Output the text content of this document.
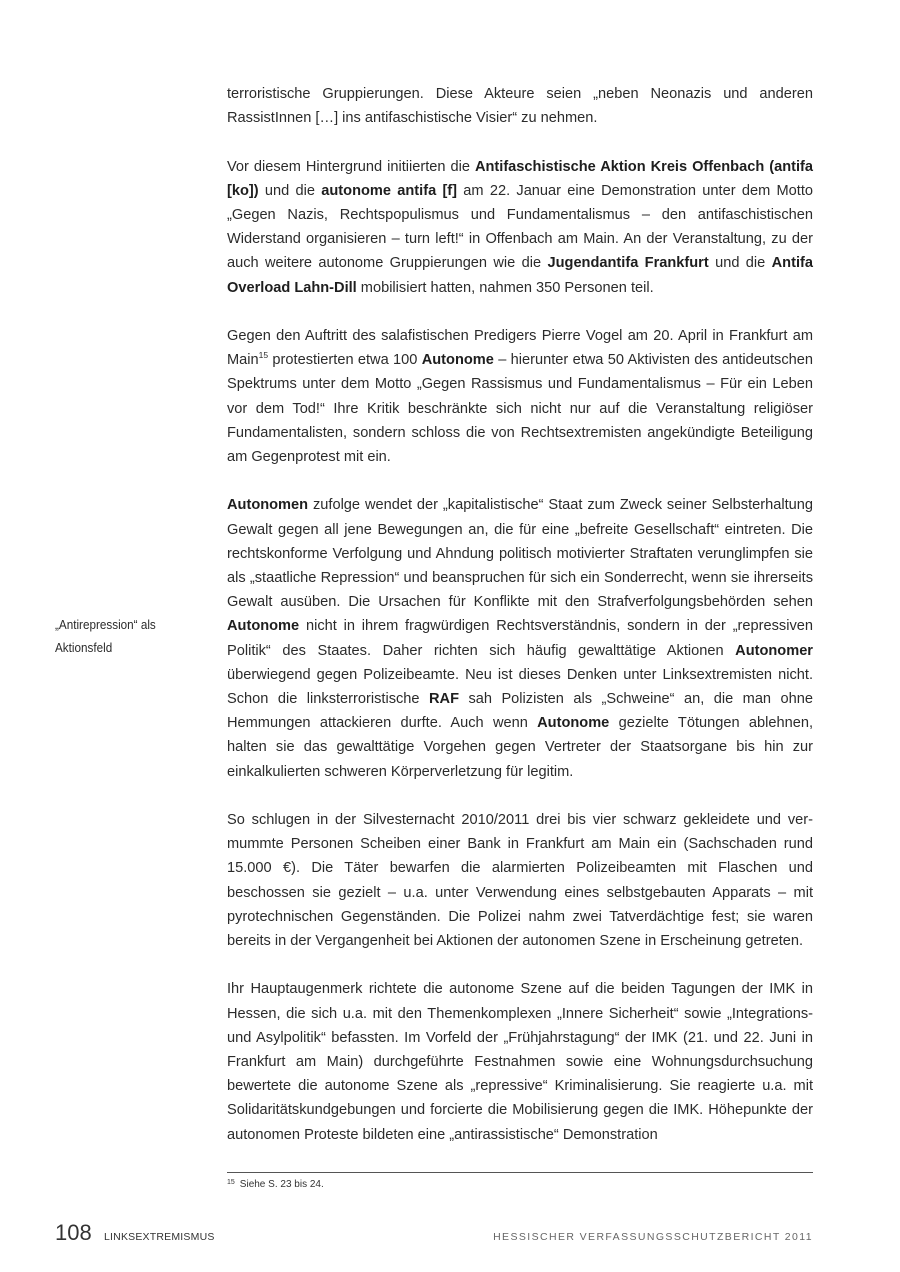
terroristische Gruppierungen. Diese Akteure seien „neben Neonazis und anderen RassistInnen […] ins antifaschistische Visier“ zu nehmen.

Vor diesem Hintergrund initiierten die Antifaschistische Aktion Kreis Offenbach (antifa [ko]) und die autonome antifa [f] am 22. Januar eine Demonstration unter dem Motto „Gegen Nazis, Rechtspopulismus und Fundamentalismus – den antifaschistischen Widerstand organisieren – turn left!“ in Offenbach am Main. An der Veranstaltung, zu der auch weitere autonome Gruppierungen wie die Jugendantifa Frankfurt und die Antifa Overload Lahn-Dill mobilisiert hatten, nahmen 350 Personen teil.

Gegen den Auftritt des salafistischen Predigers Pierre Vogel am 20. April in Frankfurt am Main$^{15}$ protestierten etwa 100 Autonome – hierunter etwa 50 Aktivisten des antideutschen Spektrums unter dem Motto „Gegen Rassismus und Fundamentalismus – Für ein Leben vor dem Tod!“ Ihre Kritik beschränkte sich nicht nur auf die Veranstaltung religiöser Fundamentalisten, sondern schloss die von Rechtsextremisten angekündigte Beteiligung am Gegenprotest mit ein.

Autonomen zufolge wendet der „kapitalistische“ Staat zum Zweck seiner Selbsterhaltung Gewalt gegen all jene Bewegungen an, die für eine „befreite Gesellschaft“ eintreten. Die rechtskonforme Verfolgung und Ahndung politisch motivierter Straftaten verunglimpfen sie als „staatliche Repression“ und beanspruchen für sich ein Sonderrecht, wenn sie ihrerseits Gewalt ausüben. Die Ursachen für Konflikte mit den Strafverfolgungsbehörden sehen Autonome nicht in ihrem fragwürdigen Rechtsverständnis, sondern in der „repressiven Politik“ des Staates. Daher richten sich häufig gewalttätige Aktionen Autonomer überwiegend gegen Polizeibeamte. Neu ist dieses Denken unter Linksextremisten nicht. Schon die linksterroristische RAF sah Polizisten als „Schweine“ an, die man ohne Hemmungen attackieren durfte. Auch wenn Autonome gezielte Tötungen ablehnen, halten sie das gewalttätige Vorgehen gegen Vertreter der Staatsorgane bis hin zur einkalkulierten schweren Körperverletzung für legitim.

So schlugen in der Silvesternacht 2010/2011 drei bis vier schwarz gekleidete und vermummte Personen Scheiben einer Bank in Frankfurt am Main ein (Sachschaden rund 15.000 €). Die Täter bewarfen die alarmierten Polizeibeamten mit Flaschen und beschossen sie gezielt – u.a. unter Verwendung eines selbstgebauten Apparats – mit pyrotechnischen Gegenständen. Die Polizei nahm zwei Tatverdächtige fest; sie waren bereits in der Vergangenheit bei Aktionen der autonomen Szene in Erscheinung getreten.

Ihr Hauptaugenmerk richtete die autonome Szene auf die beiden Tagungen der IMK in Hessen, die sich u.a. mit den Themenkomplexen „Innere Sicherheit“ sowie „Integrations- und Asylpolitik“ befassten. Im Vorfeld der „Frühjahrstagung“ der IMK (21. und 22. Juni in Frankfurt am Main) durchgeführte Festnahmen sowie eine Wohnungsdurchsuchung bewertete die autonome Szene als „repressive“ Kriminalisierung. Sie reagierte u.a. mit Solidaritätskundgebungen und forcierte die Mobilisierung gegen die IMK. Höhepunkte der autonomen Proteste bildeten eine „antirassistische“ Demonstration

„Antirepression“ als
Aktionsfeld
$^{15}$ Siehe S. 23 bis 24.
108 LINKSEXTREMISMUS	HESSISCHER VERFASSUNGSSCHUTZBERICHT 2011
